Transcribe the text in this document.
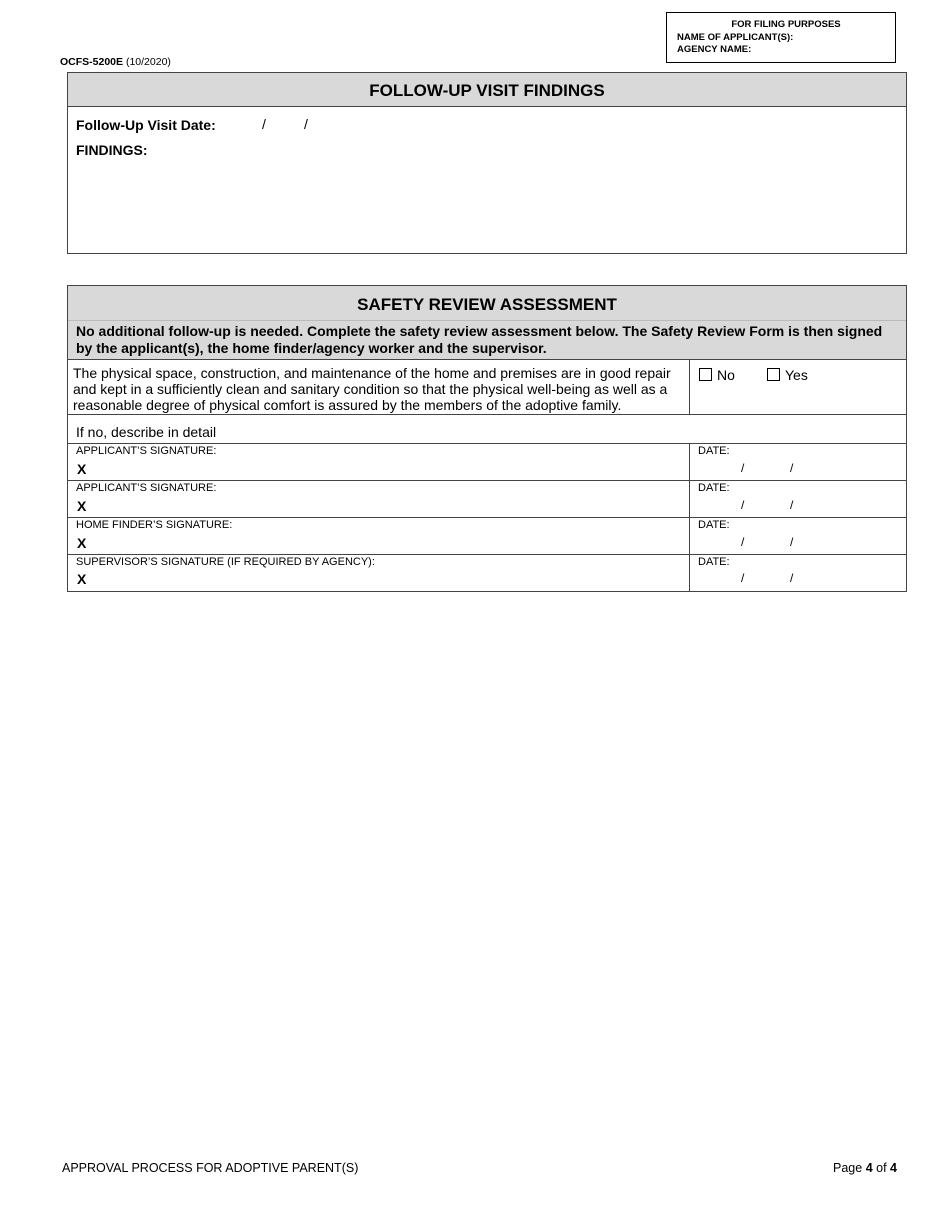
FOR FILING PURPOSES
NAME OF APPLICANT(S):
AGENCY NAME:
OCFS-5200E (10/2020)
FOLLOW-UP VISIT FINDINGS
Follow-Up Visit Date:	/	/
FINDINGS:
SAFETY REVIEW ASSESSMENT
No additional follow-up is needed. Complete the safety review assessment below. The Safety Review Form is then signed by the applicant(s), the home finder/agency worker and the supervisor.
The physical space, construction, and maintenance of the home and premises are in good repair and kept in a sufficiently clean and sanitary condition so that the physical well-being as well as a reasonable degree of physical comfort is assured by the members of the adoptive family.
No	Yes
If no, describe in detail
APPLICANT’S SIGNATURE:
X
DATE:
/	/
APPLICANT’S SIGNATURE:
X
DATE:
/	/
HOME FINDER’S SIGNATURE:
X
DATE:
/	/
SUPERVISOR’S SIGNATURE (IF REQUIRED BY AGENCY):
X
DATE:
/	/
APPROVAL PROCESS FOR ADOPTIVE PARENT(S)	Page 4 of 4
